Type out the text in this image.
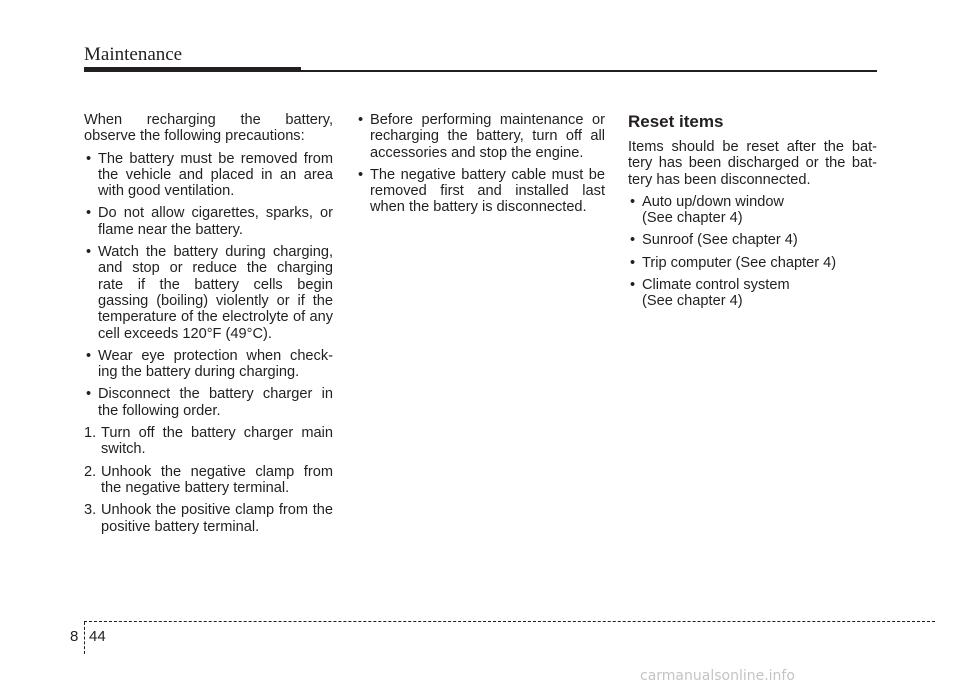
Maintenance

When recharging the battery,

observe the following precautions:

• The battery must be removed from the vehicle and placed in an area with good ventilation.
• Do not allow cigarettes, sparks, or flame near the battery.
• Watch the battery during charging, and stop or reduce the charging rate if the battery cells begin gassing (boiling) violently or if the temperature of the electrolyte of any cell exceeds 120°F (49°C).
• Wear eye protection when check-ing the battery during charging.
• Disconnect the battery charger in the following order.
1. Turn off the battery charger main switch.
2. Unhook the negative clamp from the negative battery terminal.
3. Unhook the positive clamp from the positive battery terminal.
• Before performing maintenance or recharging the battery, turn off all accessories and stop the engine.
• The negative battery cable must be removed first and installed last when the battery is disconnected.
Reset items

Items should be reset after the bat-tery has been discharged or the bat-tery has been disconnected.

• Auto up/down window
(See chapter 4)
• Sunroof (See chapter 4)
• Trip computer (See chapter 4)
• Climate control system
(See chapter 4)
8 44
carmanualsonline.info
